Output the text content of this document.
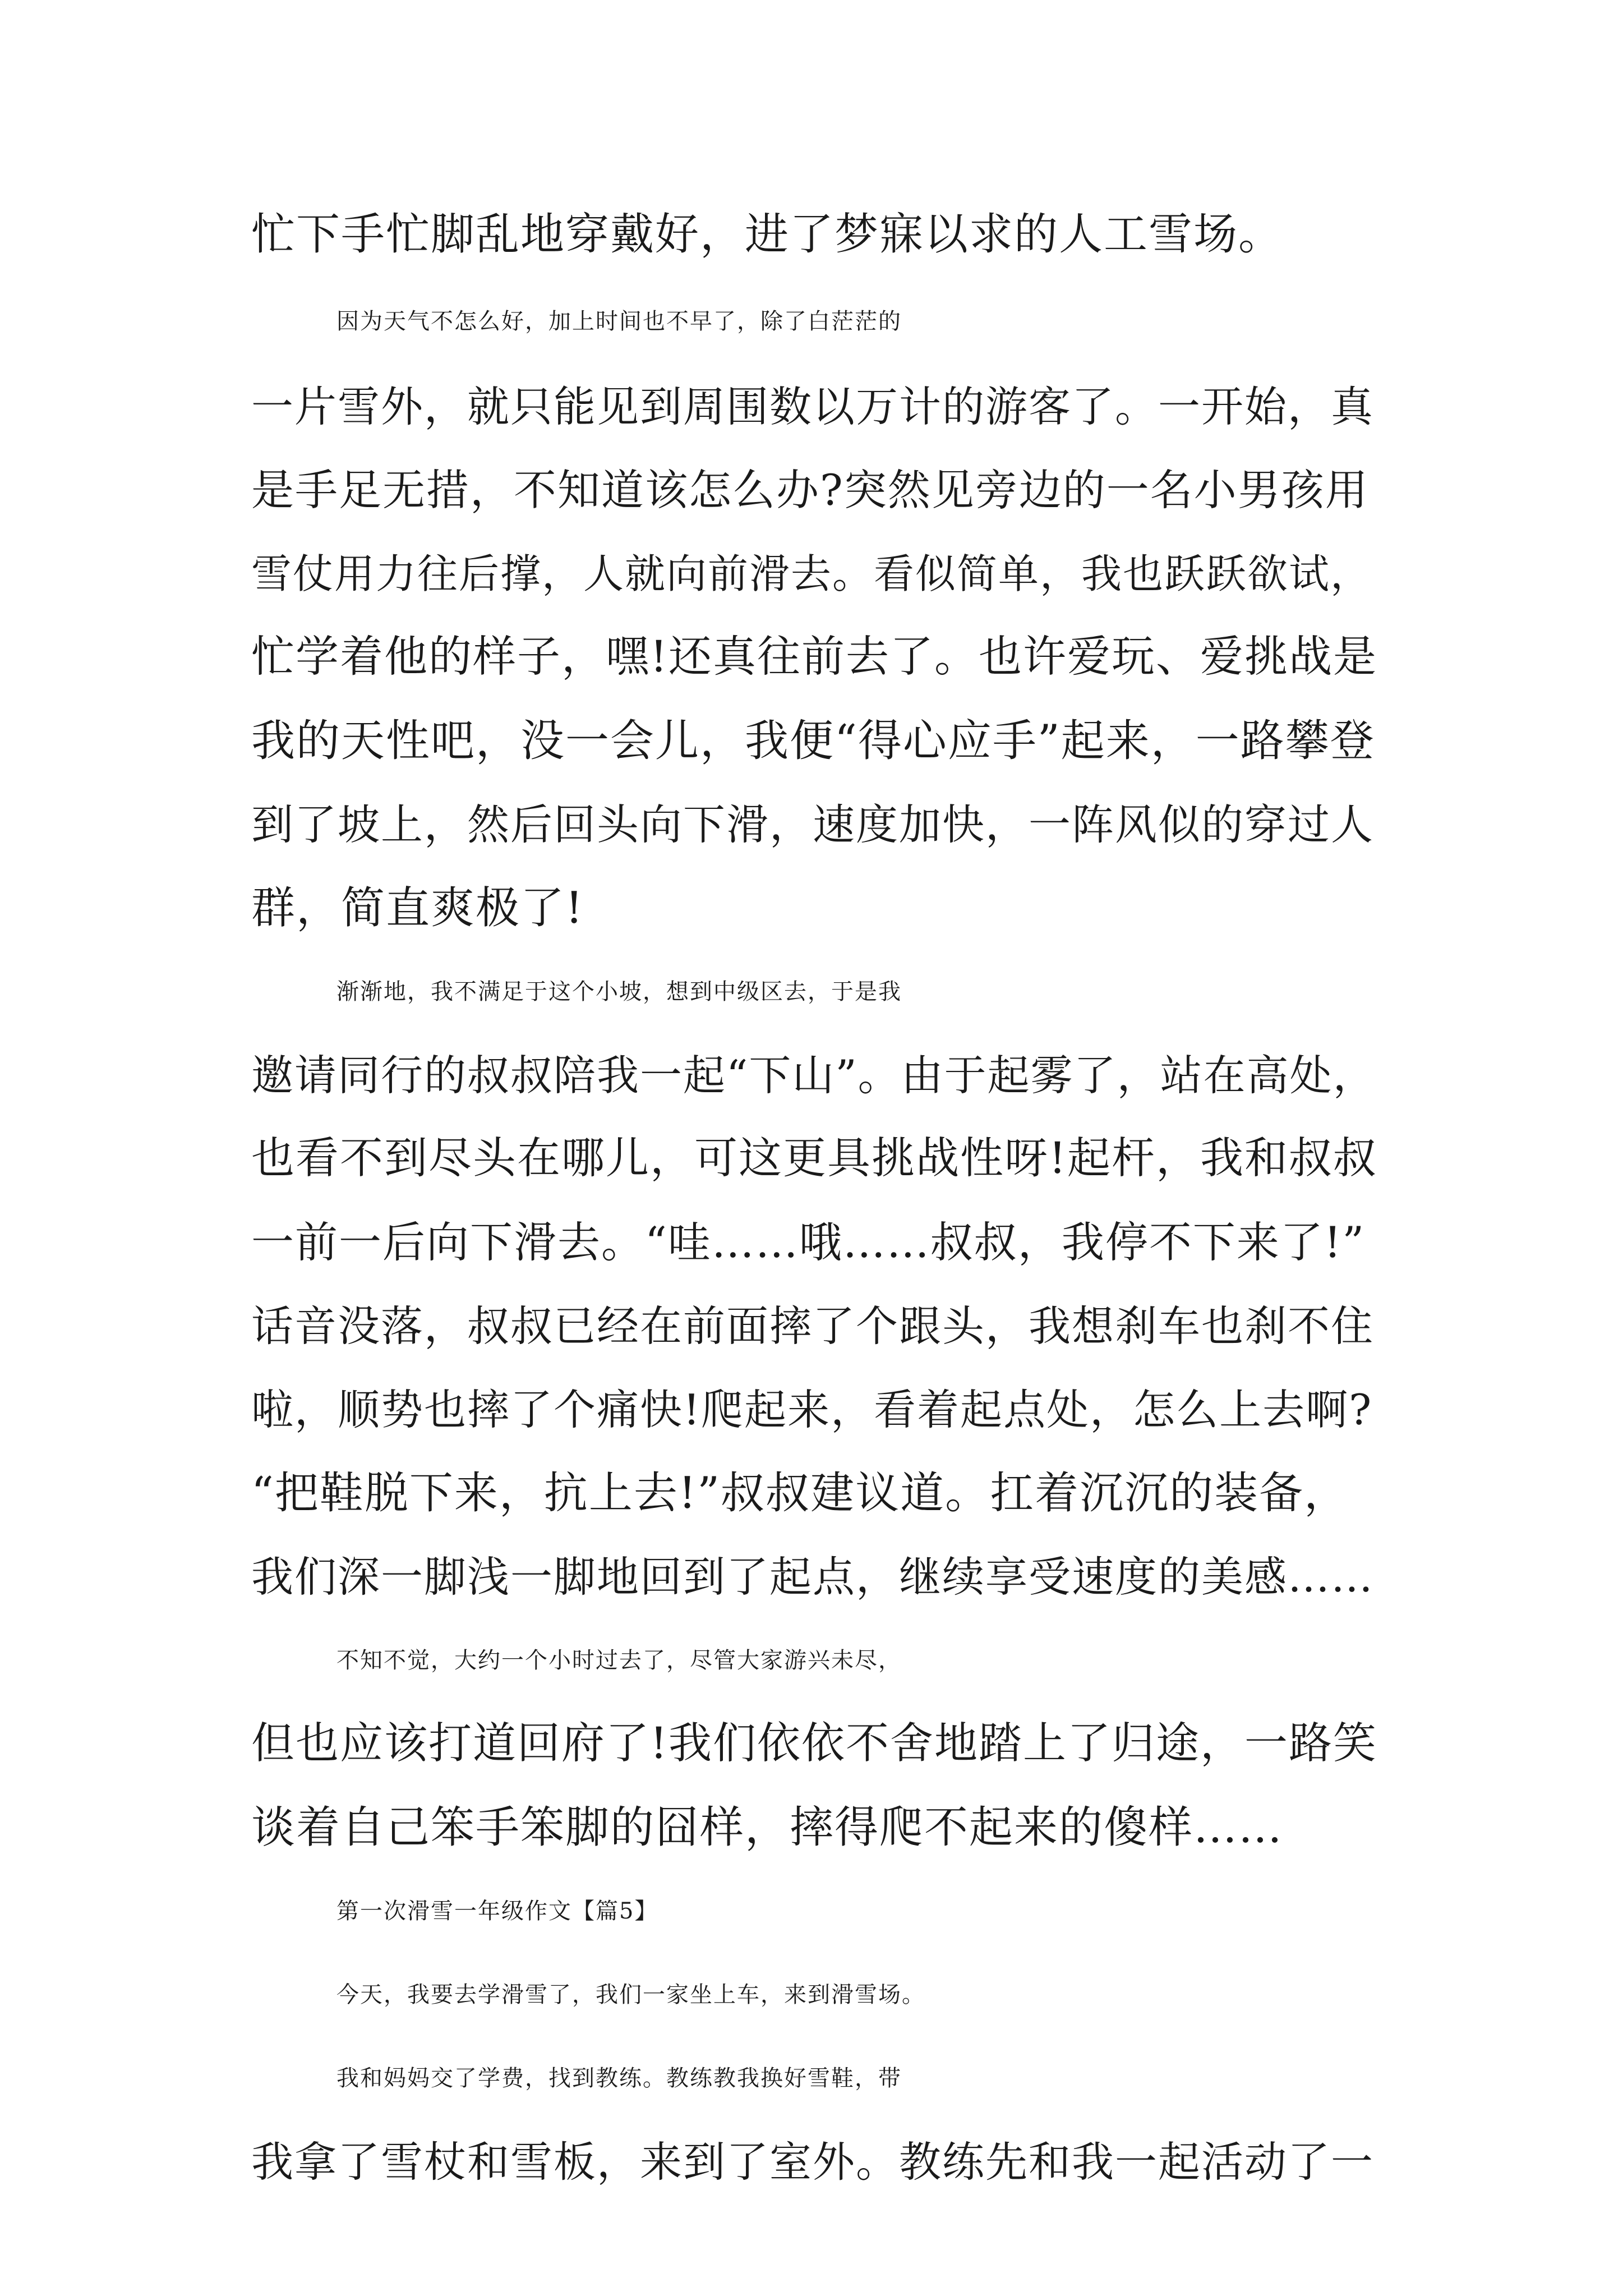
忙下手忙脚乱地穿戴好，进了梦寐以求的人工雪场。

因为天气不怎么好，加上时间也不早了，除了白茫茫的

一片雪外，就只能见到周围数以万计的游客了。一开始，真

是手足无措，不知道该怎么办?突然见旁边的一名小男孩用

雪仗用力往后撑，人就向前滑去。看似简单，我也跃跃欲试，

忙学着他的样子，嘿!还真往前去了。也许爱玩、爱挑战是

我的天性吧，没一会儿，我便“得心应手”起来，一路攀登

到了坡上，然后回头向下滑，速度加快，一阵风似的穿过人

群，简直爽极了!

渐渐地，我不满足于这个小坡，想到中级区去，于是我

邀请同行的叔叔陪我一起“下山”。由于起雾了，站在高处，

也看不到尽头在哪儿，可这更具挑战性呀!起杆，我和叔叔

一前一后向下滑去。“哇……哦……叔叔，我停不下来了!”

话音没落，叔叔已经在前面摔了个跟头，我想刹车也刹不住

啦，顺势也摔了个痛快!爬起来，看着起点处，怎么上去啊?

“把鞋脱下来，抗上去!”叔叔建议道。扛着沉沉的装备，

我们深一脚浅一脚地回到了起点，继续享受速度的美感……

不知不觉，大约一个小时过去了，尽管大家游兴未尽，

但也应该打道回府了!我们依依不舍地踏上了归途，一路笑

谈着自己笨手笨脚的囧样，摔得爬不起来的傻样……

第一次滑雪一年级作文【篇5】

今天，我要去学滑雪了，我们一家坐上车，来到滑雪场。

我和妈妈交了学费，找到教练。教练教我换好雪鞋，带

我拿了雪杖和雪板，来到了室外。教练先和我一起活动了一
